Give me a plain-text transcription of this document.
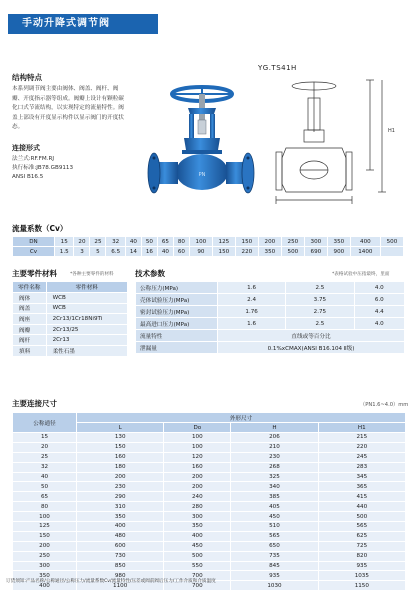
手动升降式调节阀
YG.TS41H
结构特点
本系列调节阀主要由阀体、阀盖、阀杆、阀瓣、开度指示器等组成。阀瓣上设计有颗粒碳化口式节流结构，以实现特定的流量特性。阀盖上部设有开度显示构件以显示阀门的开度状态。
连接形式
法兰式:RF.FM.RJ
执行标准:JB78.GB9113
ANSI B16.5	PN
H1
流量系数（Cv）
DN	15	20	25	32	40	50	65	80	100	125	150	200	250	300	350	400	500
Cv	1.5	3	5	6.5	14	16	40	60	90	150	220	350	500	690	900	1400	
主要零件材料	*各种主要零件的材料
零件名称	零件材料
阀体	WCB
阀盖	WCB
阀座	2Cr13/1Cr18Ni9Ti
阀瓣	2Cr13/25
阀杆	2Cr13
填料	柔性石墨
技术参数	*表格试验中压指最终，里面
公称压力(MPa)	1.6	2.5	4.0
壳体试验压力(MPa)	2.4	3.75	6.0
密封试验压力(MPa)	1.76	2.75	4.4
最高进口压力(MPa)	1.6	2.5	4.0
流量特性	直线或等百分比		
泄漏量	0.1%xCMAX(ANSI B16.104 Ⅱ级)		
主要连接尺寸	（PN1.6~4.0）mm
公称通径	外形尺寸			
	L	Do	H	H1
15	130	100	206	215
20	150	100	210	220
25	160	120	230	245
32	180	160	268	283
40	200	200	325	345
50	230	200	340	365
65	290	240	385	415
80	310	280	405	440
100	350	300	450	500
125	400	350	510	565
150	480	400	565	625
200	600	450	650	725
250	730	500	735	820
300	850	550	845	935
350	980	700	935	1035
400	1100	700	1030	1150
订货须知:产品名称/公称通径/公称压力/流量系数Cv/流量特性/压差或阀前阀后压力/工作介质和介质温度
